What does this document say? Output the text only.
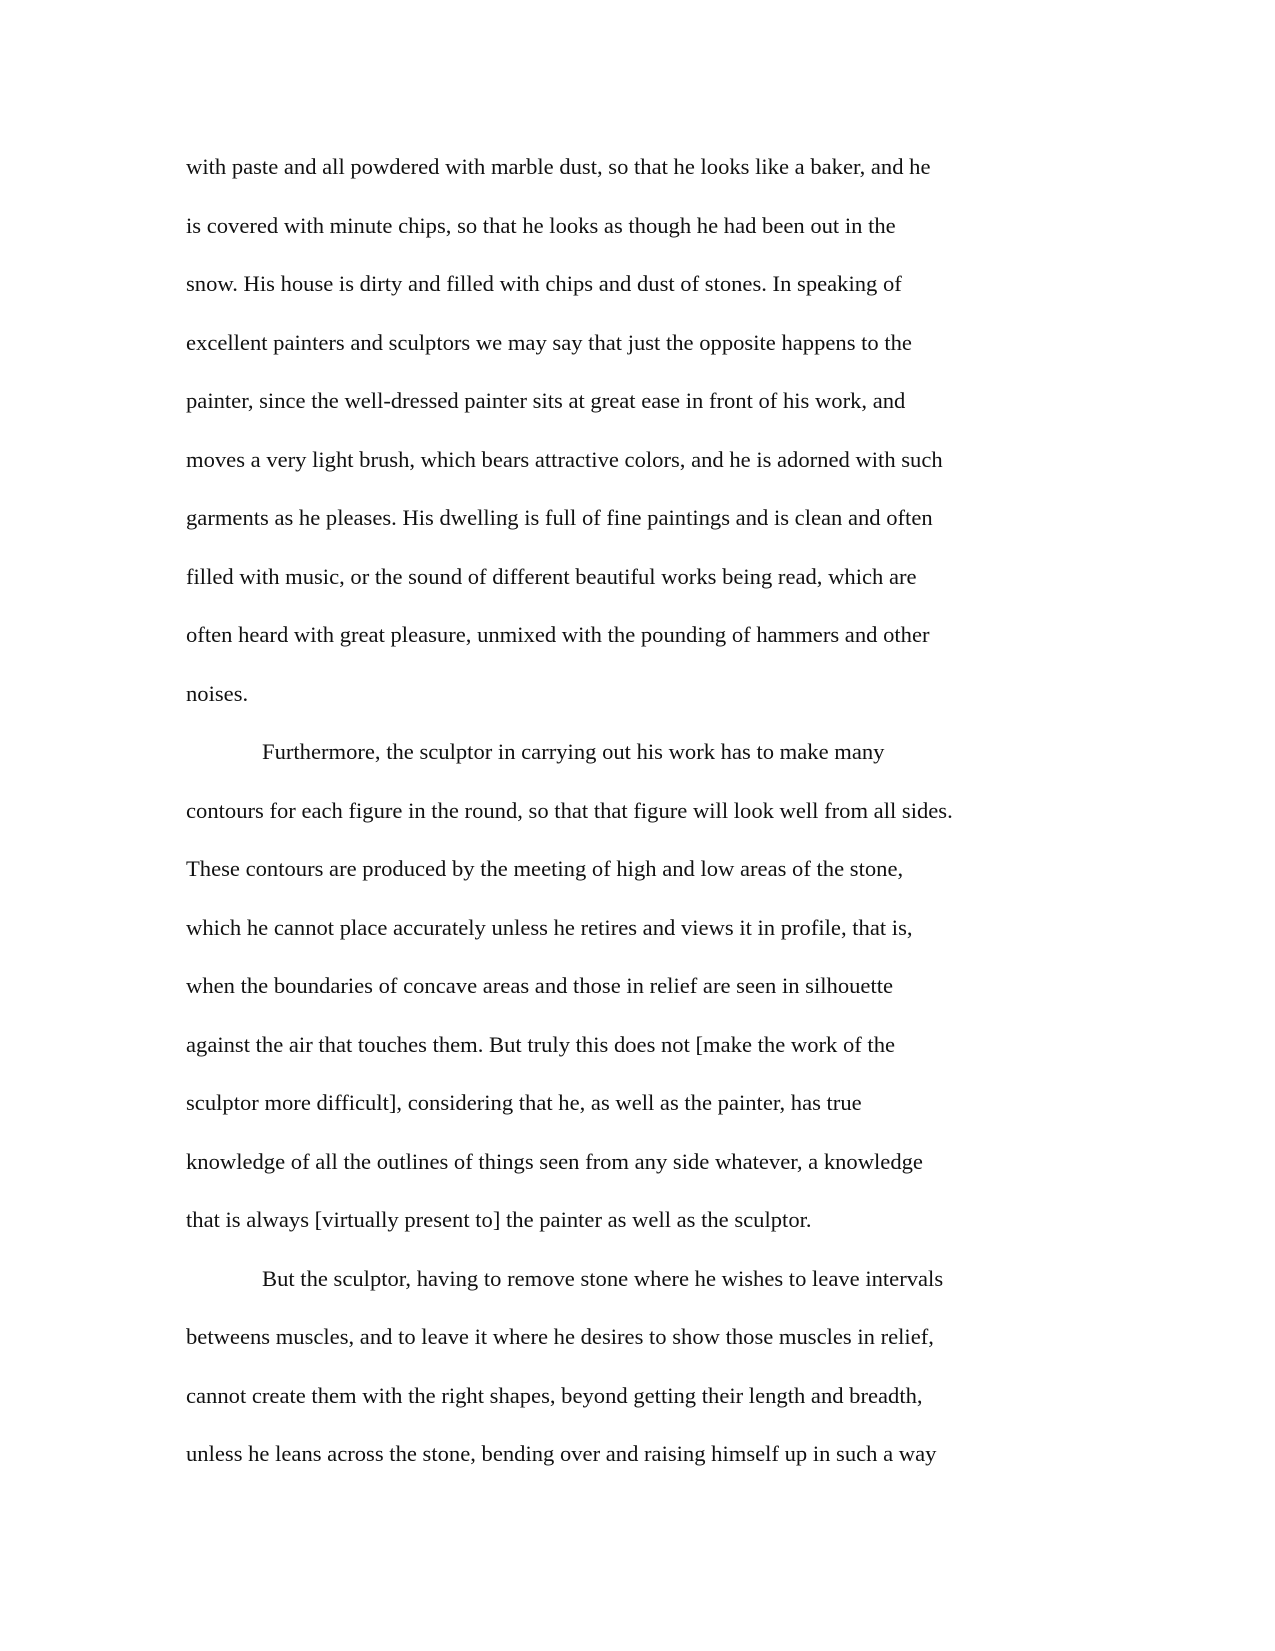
with paste and all powdered with marble dust, so that he looks like a baker, and he
is covered with minute chips, so that he looks as though he had been out in the
snow. His house is dirty and filled with chips and dust of stones. In speaking of
excellent painters and sculptors we may say that just the opposite happens to the
painter, since the well-dressed painter sits at great ease in front of his work, and
moves a very light brush, which bears attractive colors, and he is adorned with such
garments as he pleases. His dwelling is full of fine paintings and is clean and often
filled with music, or the sound of different beautiful works being read, which are
often heard with great pleasure, unmixed with the pounding of hammers and other
noises.
Furthermore, the sculptor in carrying out his work has to make many
contours for each figure in the round, so that that figure will look well from all sides.
These contours are produced by the meeting of high and low areas of the stone,
which he cannot place accurately unless he retires and views it in profile, that is,
when the boundaries of concave areas and those in relief are seen in silhouette
against the air that touches them. But truly this does not [make the work of the
sculptor more difficult], considering that he, as well as the painter, has true
knowledge of all the outlines of things seen from any side whatever, a knowledge
that is always [virtually present to] the painter as well as the sculptor.
But the sculptor, having to remove stone where he wishes to leave intervals
betweens muscles, and to leave it where he desires to show those muscles in relief,
cannot create them with the right shapes, beyond getting their length and breadth,
unless he leans across the stone, bending over and raising himself up in such a way
